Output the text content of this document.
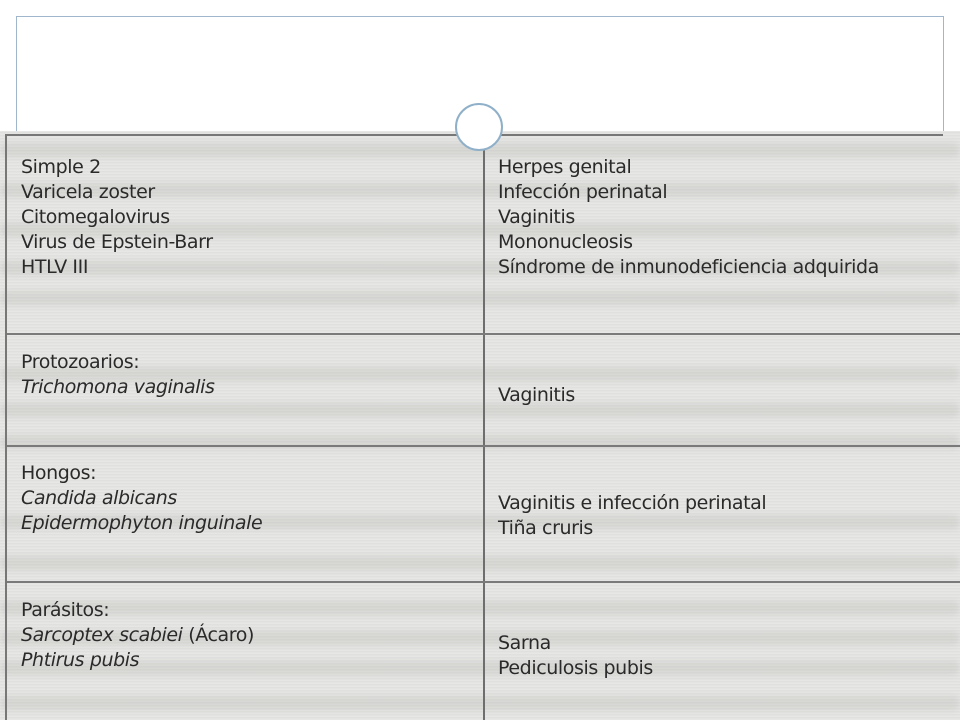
Simple 2
Varicela zoster
Citomegalovirus
Virus de Epstein-Barr
HTLV III
Herpes genital
Infección perinatal
Vaginitis
Mononucleosis
Síndrome de inmunodeficiencia adquirida
Protozoarios:
Trichomona vaginalis	Vaginitis
Hongos:
Candida albicans
Epidermophyton inguinale
Vaginitis e infección perinatal
Tiña cruris
Parásitos:
Sarcoptex scabiei (Ácaro)
Phtirus pubis
Sarna
Pediculosis pubis
